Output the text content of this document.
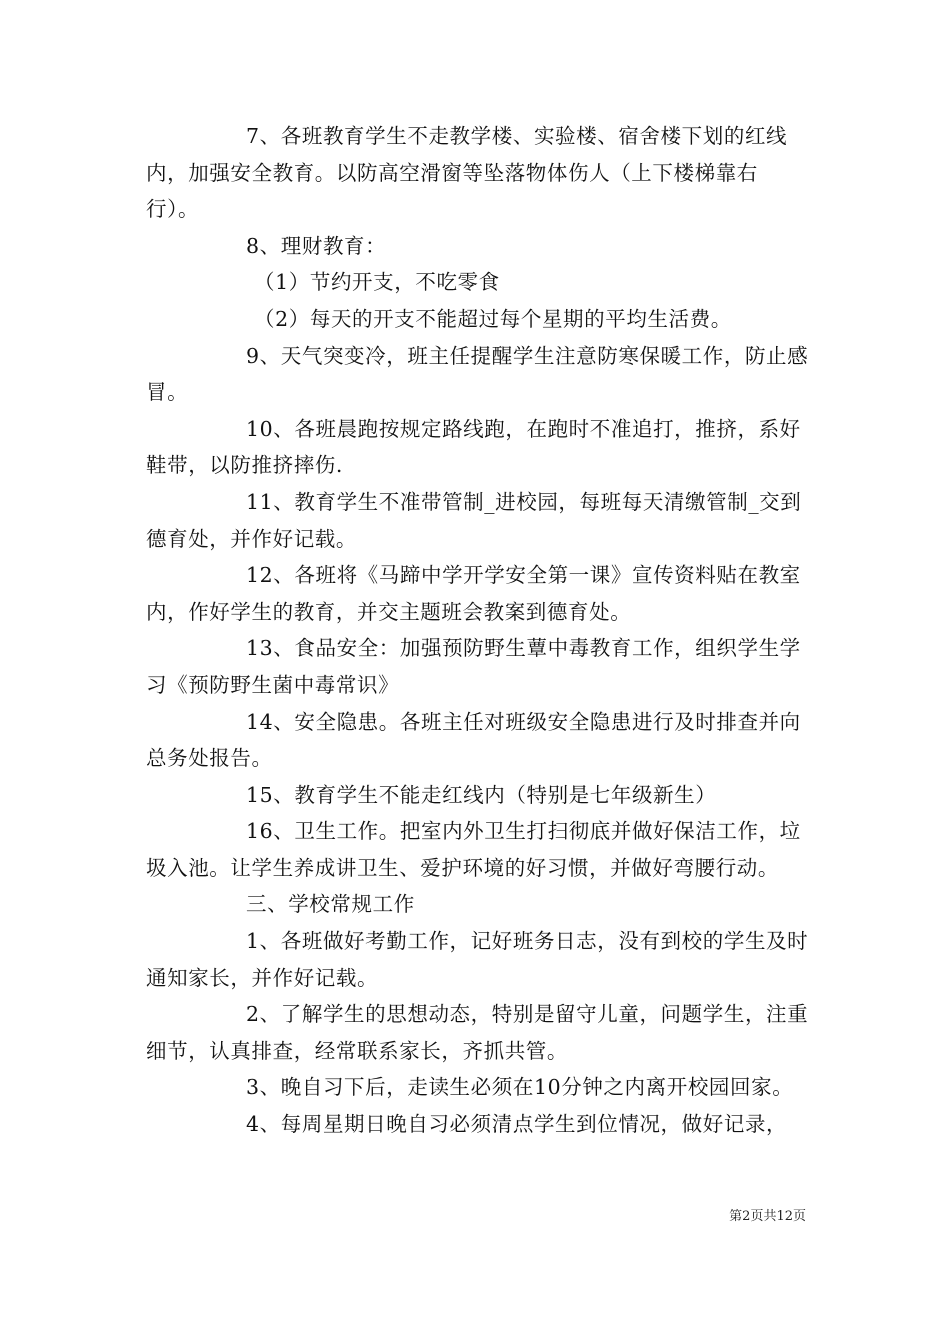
7、各班教育学生不走教学楼、实验楼、宿舍楼下划的红线内，加强安全教育。以防高空滑窗等坠落物体伤人（上下楼梯靠右行）。

8、理财教育：

（1）节约开支，不吃零食

（2）每天的开支不能超过每个星期的平均生活费。

9、天气突变冷，班主任提醒学生注意防寒保暖工作，防止感冒。

10、各班晨跑按规定路线跑，在跑时不准追打，推挤，系好鞋带，以防推挤摔伤.

11、教育学生不准带管制_进校园，每班每天清缴管制_交到德育处，并作好记载。

12、各班将《马蹄中学开学安全第一课》宣传资料贴在教室内，作好学生的教育，并交主题班会教案到德育处。

13、食品安全：加强预防野生蕈中毒教育工作，组织学生学习《预防野生菌中毒常识》

14、安全隐患。各班主任对班级安全隐患进行及时排查并向总务处报告。

15、教育学生不能走红线内（特别是七年级新生）

16、卫生工作。把室内外卫生打扫彻底并做好保洁工作，垃圾入池。让学生养成讲卫生、爱护环境的好习惯，并做好弯腰行动。

三、学校常规工作

1、各班做好考勤工作，记好班务日志，没有到校的学生及时通知家长，并作好记载。

2、了解学生的思想动态，特别是留守儿童，问题学生，注重细节，认真排查，经常联系家长，齐抓共管。

3、晚自习下后，走读生必须在10分钟之内离开校园回家。

4、每周星期日晚自习必须清点学生到位情况，做好记录，

第2页共12页
